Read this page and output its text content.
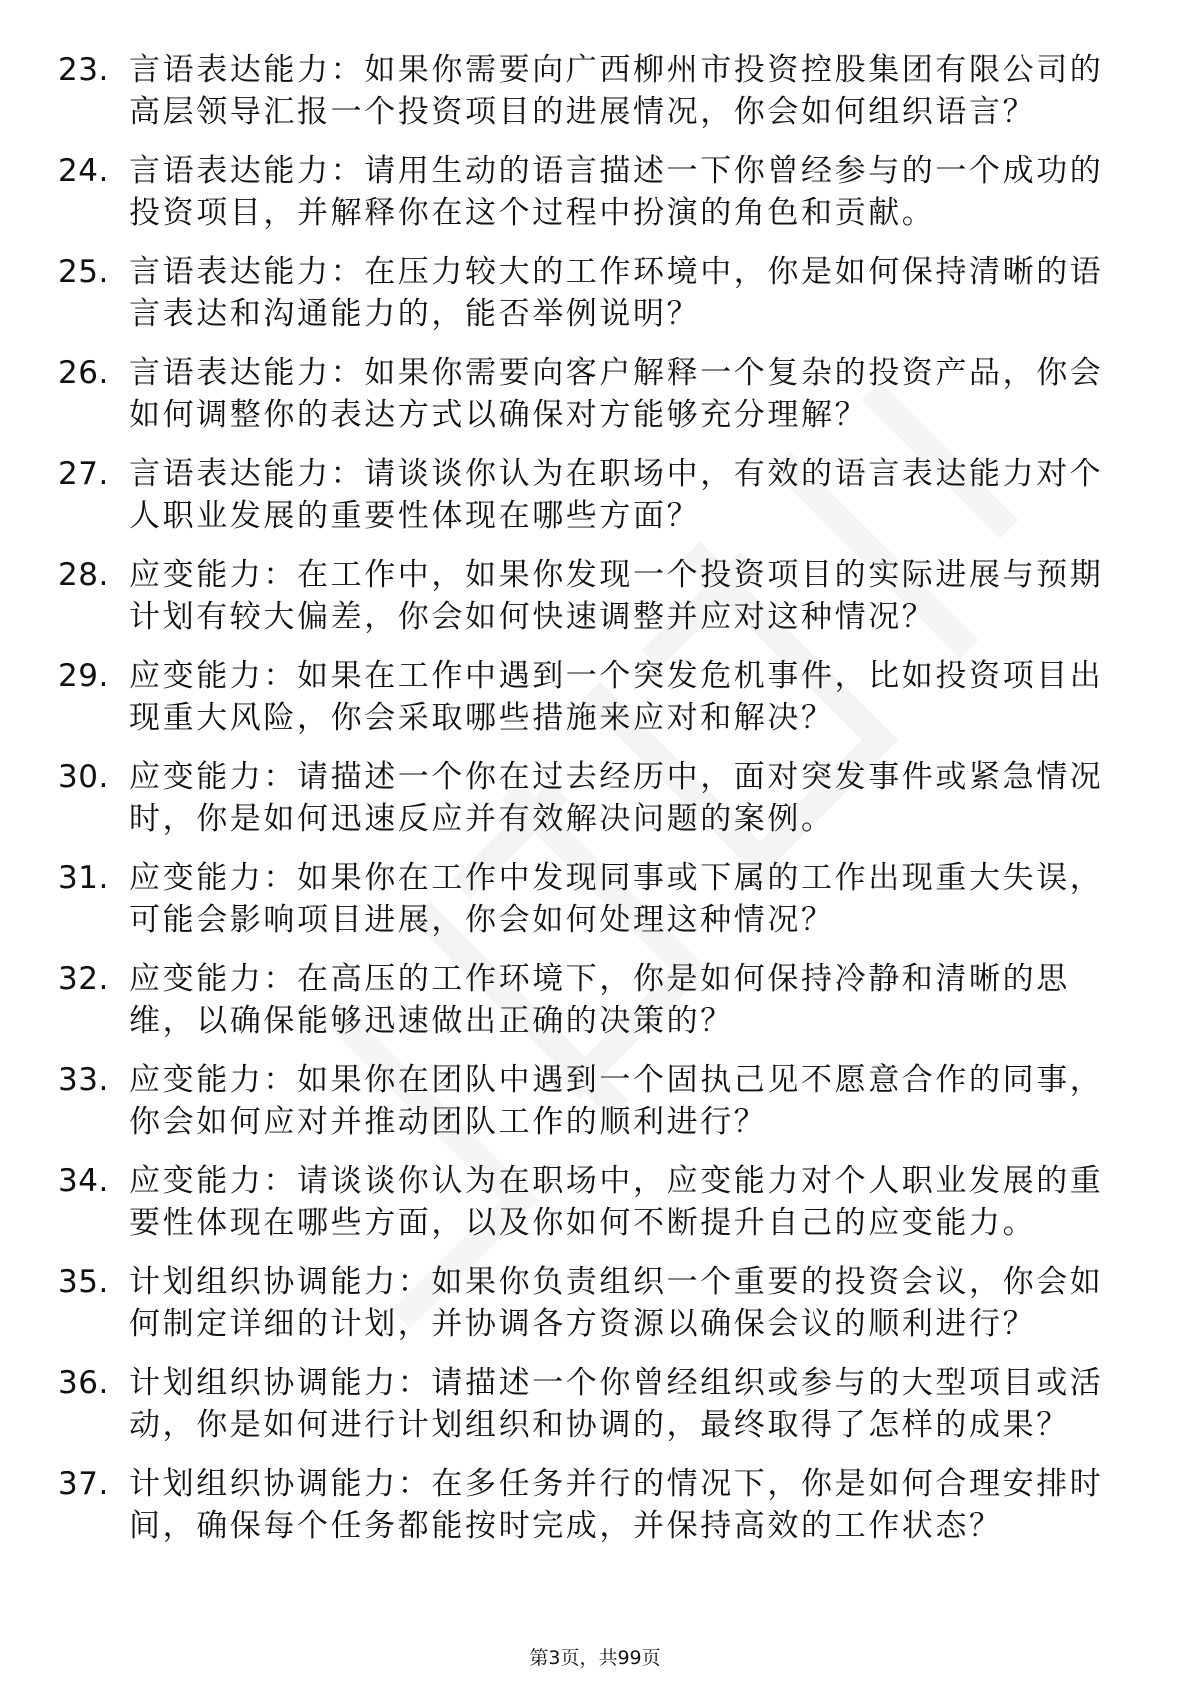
23. 言语表达能力：如果你需要向广西柳州市投资控股集团有限公司的高层领导汇报一个投资项目的进展情况，你会如何组织语言？
24. 言语表达能力：请用生动的语言描述一下你曾经参与的一个成功的投资项目，并解释你在这个过程中扮演的角色和贡献。
25. 言语表达能力：在压力较大的工作环境中，你是如何保持清晰的语言表达和沟通能力的，能否举例说明？
26. 言语表达能力：如果你需要向客户解释一个复杂的投资产品，你会如何调整你的表达方式以确保对方能够充分理解？
27. 言语表达能力：请谈谈你认为在职场中，有效的语言表达能力对个人职业发展的重要性体现在哪些方面？
28. 应变能力：在工作中，如果你发现一个投资项目的实际进展与预期计划有较大偏差，你会如何快速调整并应对这种情况？
29. 应变能力：如果在工作中遇到一个突发危机事件，比如投资项目出现重大风险，你会采取哪些措施来应对和解决？
30. 应变能力：请描述一个你在过去经历中，面对突发事件或紧急情况时，你是如何迅速反应并有效解决问题的案例。
31. 应变能力：如果你在工作中发现同事或下属的工作出现重大失误，可能会影响项目进展，你会如何处理这种情况？
32. 应变能力：在高压的工作环境下，你是如何保持冷静和清晰的思维，以确保能够迅速做出正确的决策的？
33. 应变能力：如果你在团队中遇到一个固执己见不愿意合作的同事，你会如何应对并推动团队工作的顺利进行？
34. 应变能力：请谈谈你认为在职场中，应变能力对个人职业发展的重要性体现在哪些方面，以及你如何不断提升自己的应变能力。
35. 计划组织协调能力：如果你负责组织一个重要的投资会议，你会如何制定详细的计划，并协调各方资源以确保会议的顺利进行？
36. 计划组织协调能力：请描述一个你曾经组织或参与的大型项目或活动，你是如何进行计划组织和协调的，最终取得了怎样的成果？
37. 计划组织协调能力：在多任务并行的情况下，你是如何合理安排时间，确保每个任务都能按时完成，并保持高效的工作状态？
第3页，共99页
